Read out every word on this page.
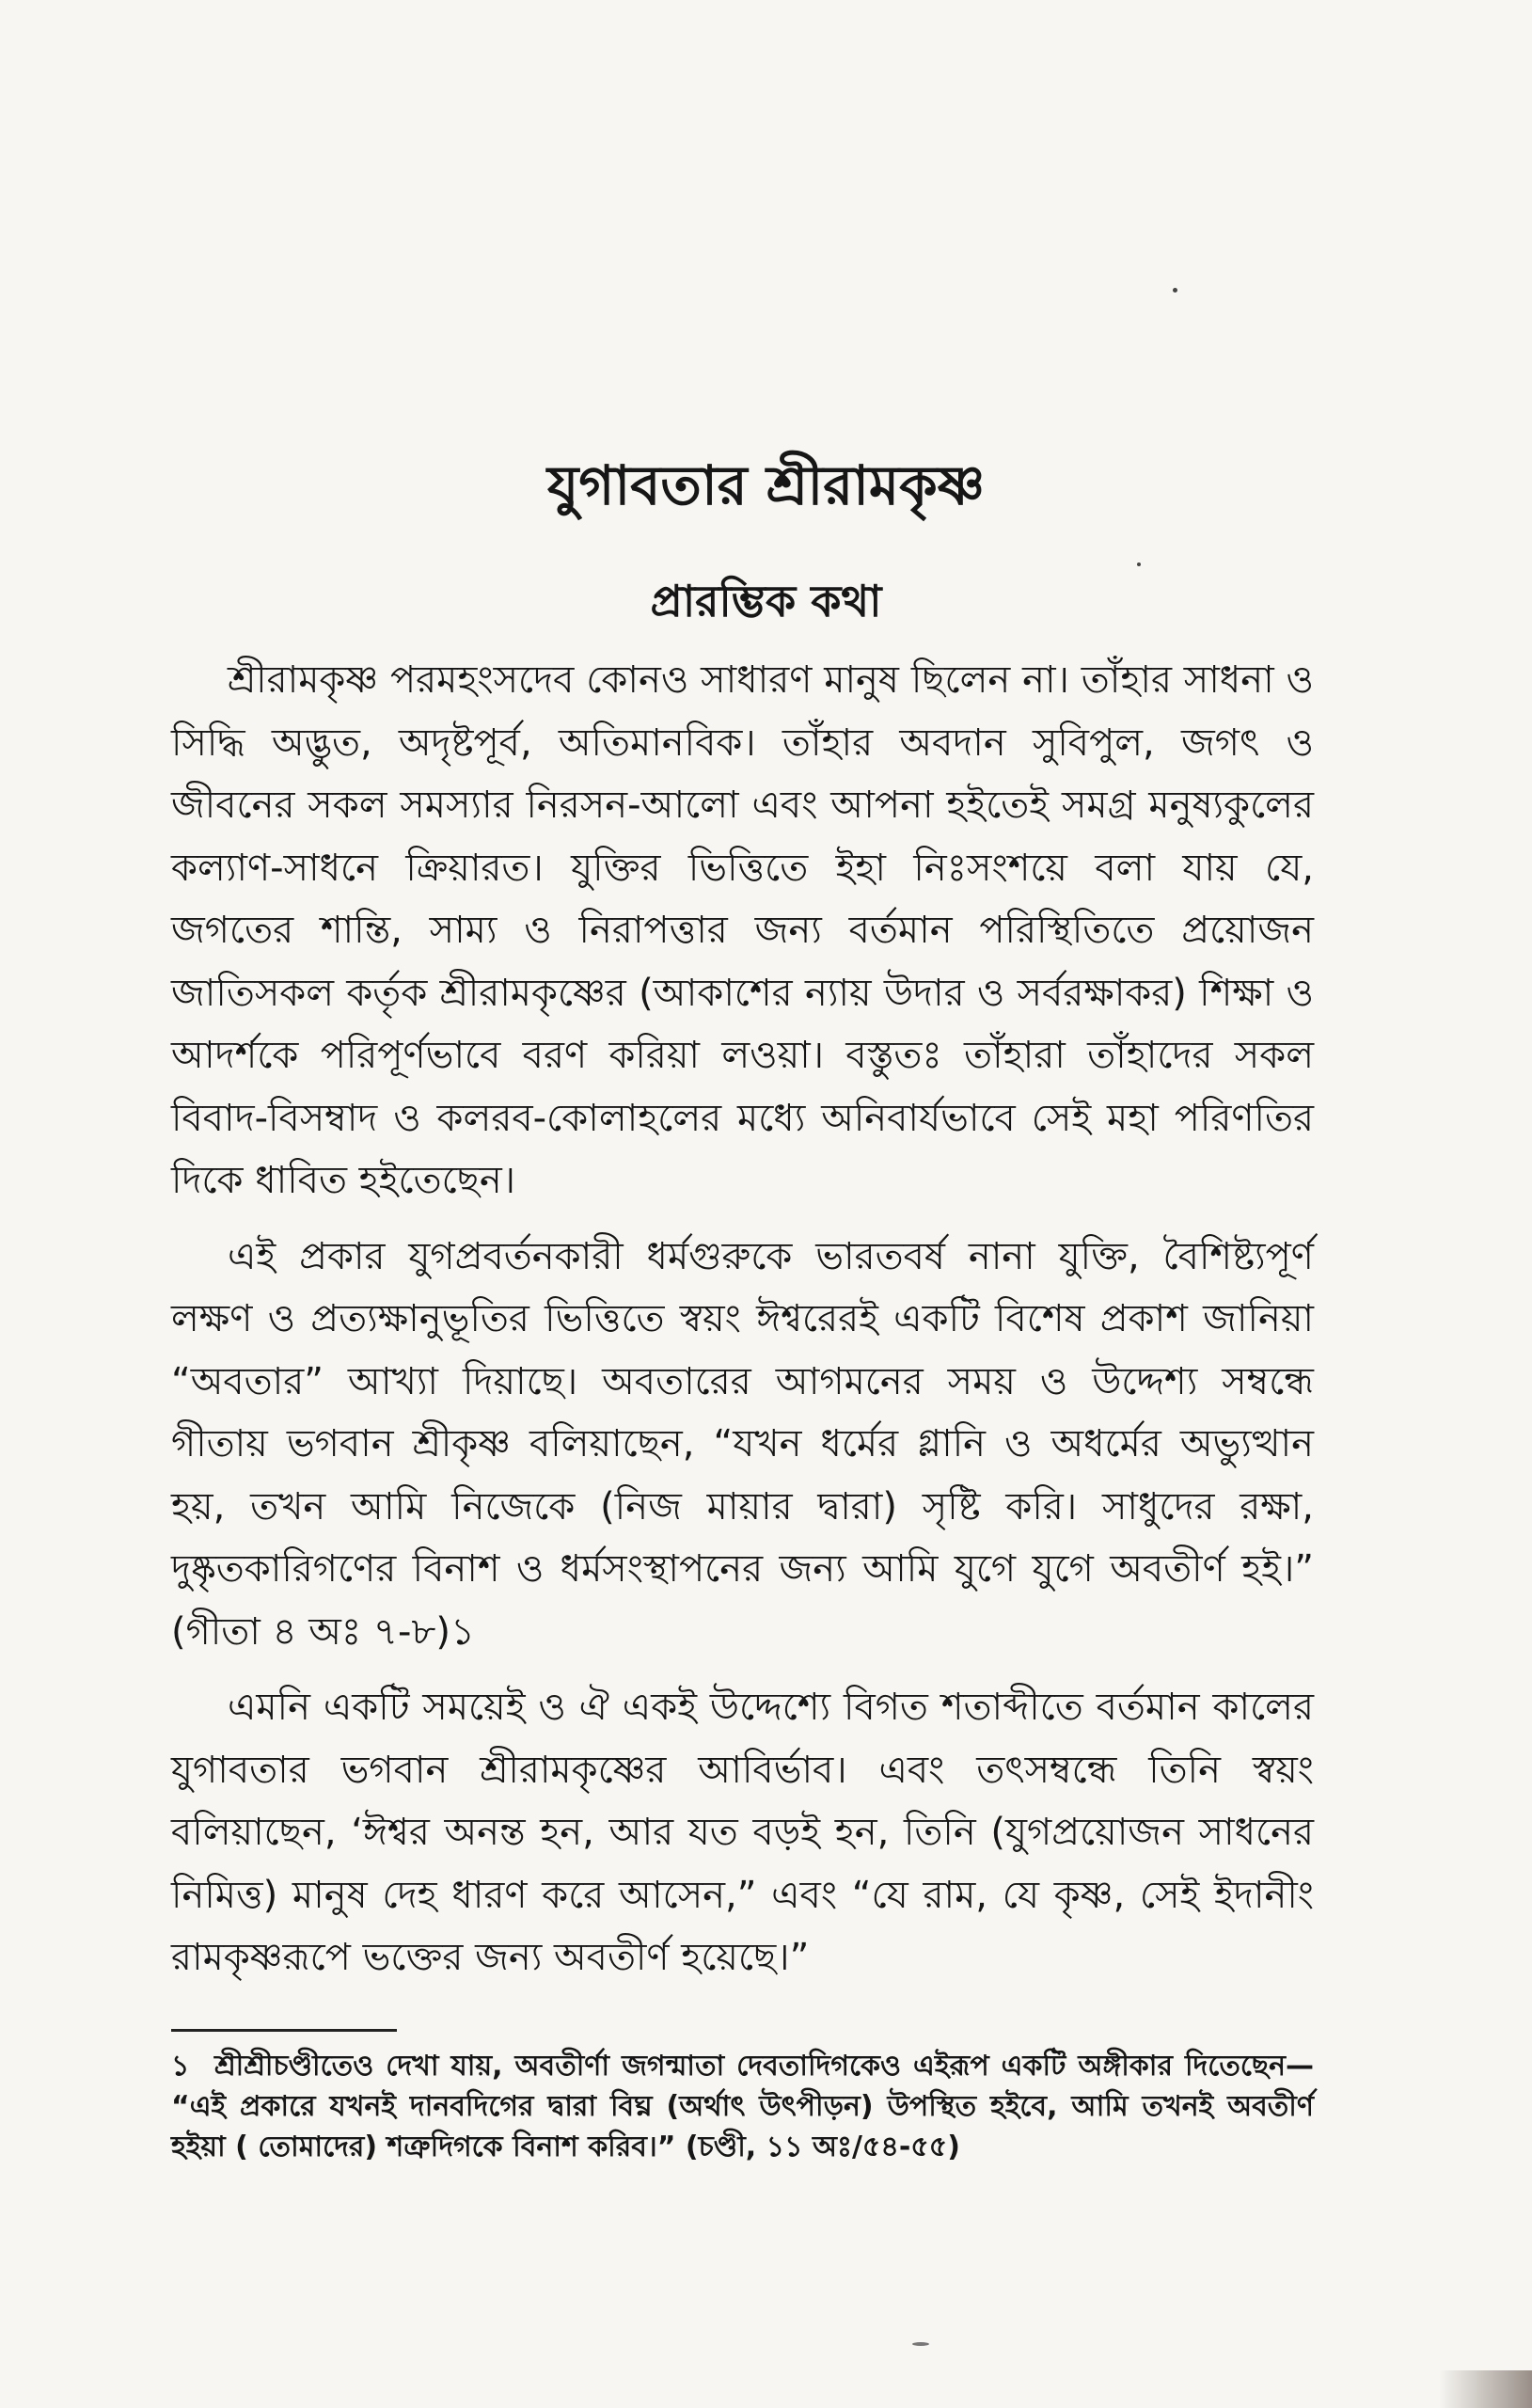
যুগাবতার শ্রীরামকৃষ্ণ
প্রারম্ভিক কথা

শ্রীরামকৃষ্ণ পরমহংসদেব কোনও সাধারণ মানুষ ছিলেন না। তাঁহার সাধনা ও সিদ্ধি অদ্ভুত, অদৃষ্টপূর্ব, অতিমানবিক। তাঁহার অবদান সুবিপুল, জগৎ ও জীবনের সকল সমস্যার নিরসন-আলো এবং আপনা হইতেই সমগ্র মনুষ্যকুলের কল্যাণ-সাধনে ক্রিয়ারত। যুক্তির ভিত্তিতে ইহা নিঃসংশয়ে বলা যায় যে, জগতের শান্তি, সাম্য ও নিরাপত্তার জন্য বর্তমান পরিস্থিতিতে প্রয়োজন জাতিসকল কর্তৃক শ্রীরামকৃষ্ণের (আকাশের ন্যায় উদার ও সর্বরক্ষাকর) শিক্ষা ও আদর্শকে পরিপূর্ণভাবে বরণ করিয়া লওয়া। বস্তুতঃ তাঁহারা তাঁহাদের সকল বিবাদ-বিসম্বাদ ও কলরব-কোলাহলের মধ্যে অনিবার্যভাবে সেই মহা পরিণতির দিকে ধাবিত হইতেছেন।

এই প্রকার যুগপ্রবর্তনকারী ধর্মগুরুকে ভারতবর্ষ নানা যুক্তি, বৈশিষ্ট্যপূর্ণ লক্ষণ ও প্রত্যক্ষানুভূতির ভিত্তিতে স্বয়ং ঈশ্বরেরই একটি বিশেষ প্রকাশ জানিয়া “অবতার” আখ্যা দিয়াছে। অবতারের আগমনের সময় ও উদ্দেশ্য সম্বন্ধে গীতায় ভগবান শ্রীকৃষ্ণ বলিয়াছেন, “যখন ধর্মের গ্লানি ও অধর্মের অভ্যুত্থান হয়, তখন আমি নিজেকে (নিজ মায়ার দ্বারা) সৃষ্টি করি। সাধুদের রক্ষা, দুষ্কৃতকারিগণের বিনাশ ও ধর্মসংস্থাপনের জন্য আমি যুগে যুগে অবতীর্ণ হই।” (গীতা ৪ অঃ ৭-৮)১

এমনি একটি সময়েই ও ঐ একই উদ্দেশ্যে বিগত শতাব্দীতে বর্তমান কালের যুগাবতার ভগবান শ্রীরামকৃষ্ণের আবির্ভাব। এবং তৎসম্বন্ধে তিনি স্বয়ং বলিয়াছেন, ‘ঈশ্বর অনন্ত হন, আর যত বড়ই হন, তিনি (যুগপ্রয়োজন সাধনের নিমিত্ত) মানুষ দেহ ধারণ করে আসেন,” এবং “যে রাম, যে কৃষ্ণ, সেই ইদানীং রামকৃষ্ণরূপে ভক্তের জন্য অবতীর্ণ হয়েছে।”

১ শ্রীশ্রীচণ্ডীতেও দেখা যায়, অবতীর্ণা জগন্মাতা দেবতাদিগকেও এইরূপ একটি অঙ্গীকার দিতেছেন— “এই প্রকারে যখনই দানবদিগের দ্বারা বিঘ্ন (অর্থাৎ উৎপীড়ন) উপস্থিত হইবে, আমি তখনই অবতীর্ণ হইয়া ( তোমাদের) শত্রুদিগকে বিনাশ করিব।” (চণ্ডী, ১১ অঃ/৫৪-৫৫)
